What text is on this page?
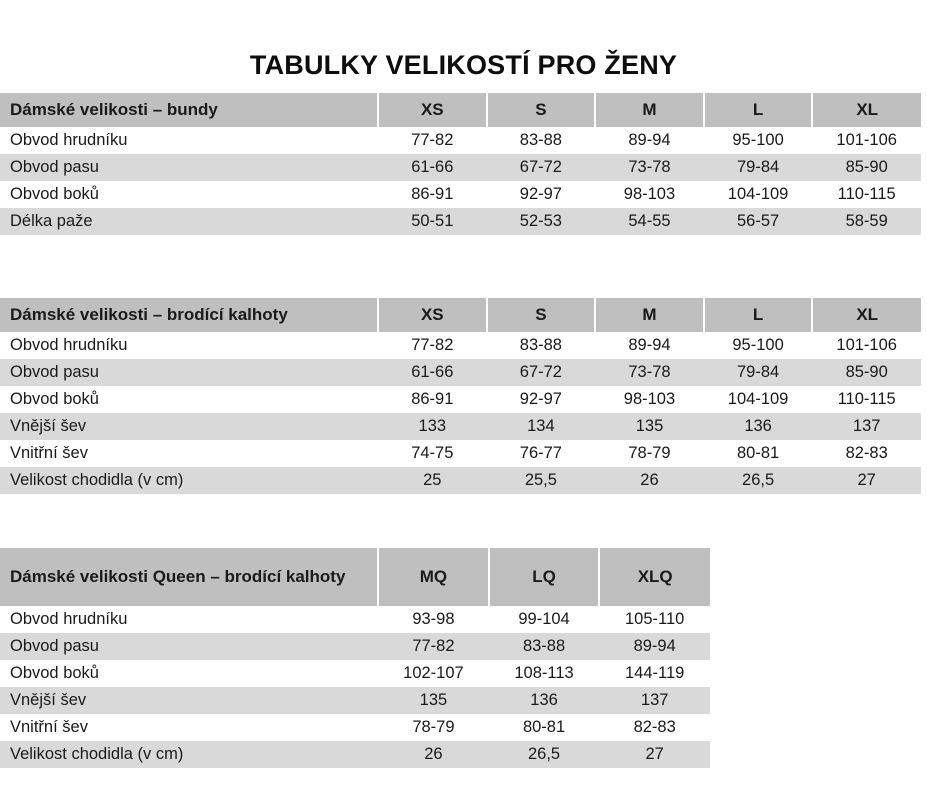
TABULKY VELIKOSTÍ PRO ŽENY
Dámské velikosti – bundy	XS	S	M	L	XL
Obvod hrudníku	77-82	83-88	89-94	95-100	101-106
Obvod pasu	61-66	67-72	73-78	79-84	85-90
Obvod boků	86-91	92-97	98-103	104-109	110-115
Délka paže	50-51	52-53	54-55	56-57	58-59
Dámské velikosti – brodící kalhoty	XS	S	M	L	XL
Obvod hrudníku	77-82	83-88	89-94	95-100	101-106
Obvod pasu	61-66	67-72	73-78	79-84	85-90
Obvod boků	86-91	92-97	98-103	104-109	110-115
Vnější šev	133	134	135	136	137
Vnitřní šev	74-75	76-77	78-79	80-81	82-83
Velikost chodidla (v cm)	25	25,5	26	26,5	27
Dámské velikosti Queen – brodící kalhoty	MQ	LQ	XLQ
Obvod hrudníku	93-98	99-104	105-110
Obvod pasu	77-82	83-88	89-94
Obvod boků	102-107	108-113	144-119
Vnější šev	135	136	137
Vnitřní šev	78-79	80-81	82-83
Velikost chodidla (v cm)	26	26,5	27
